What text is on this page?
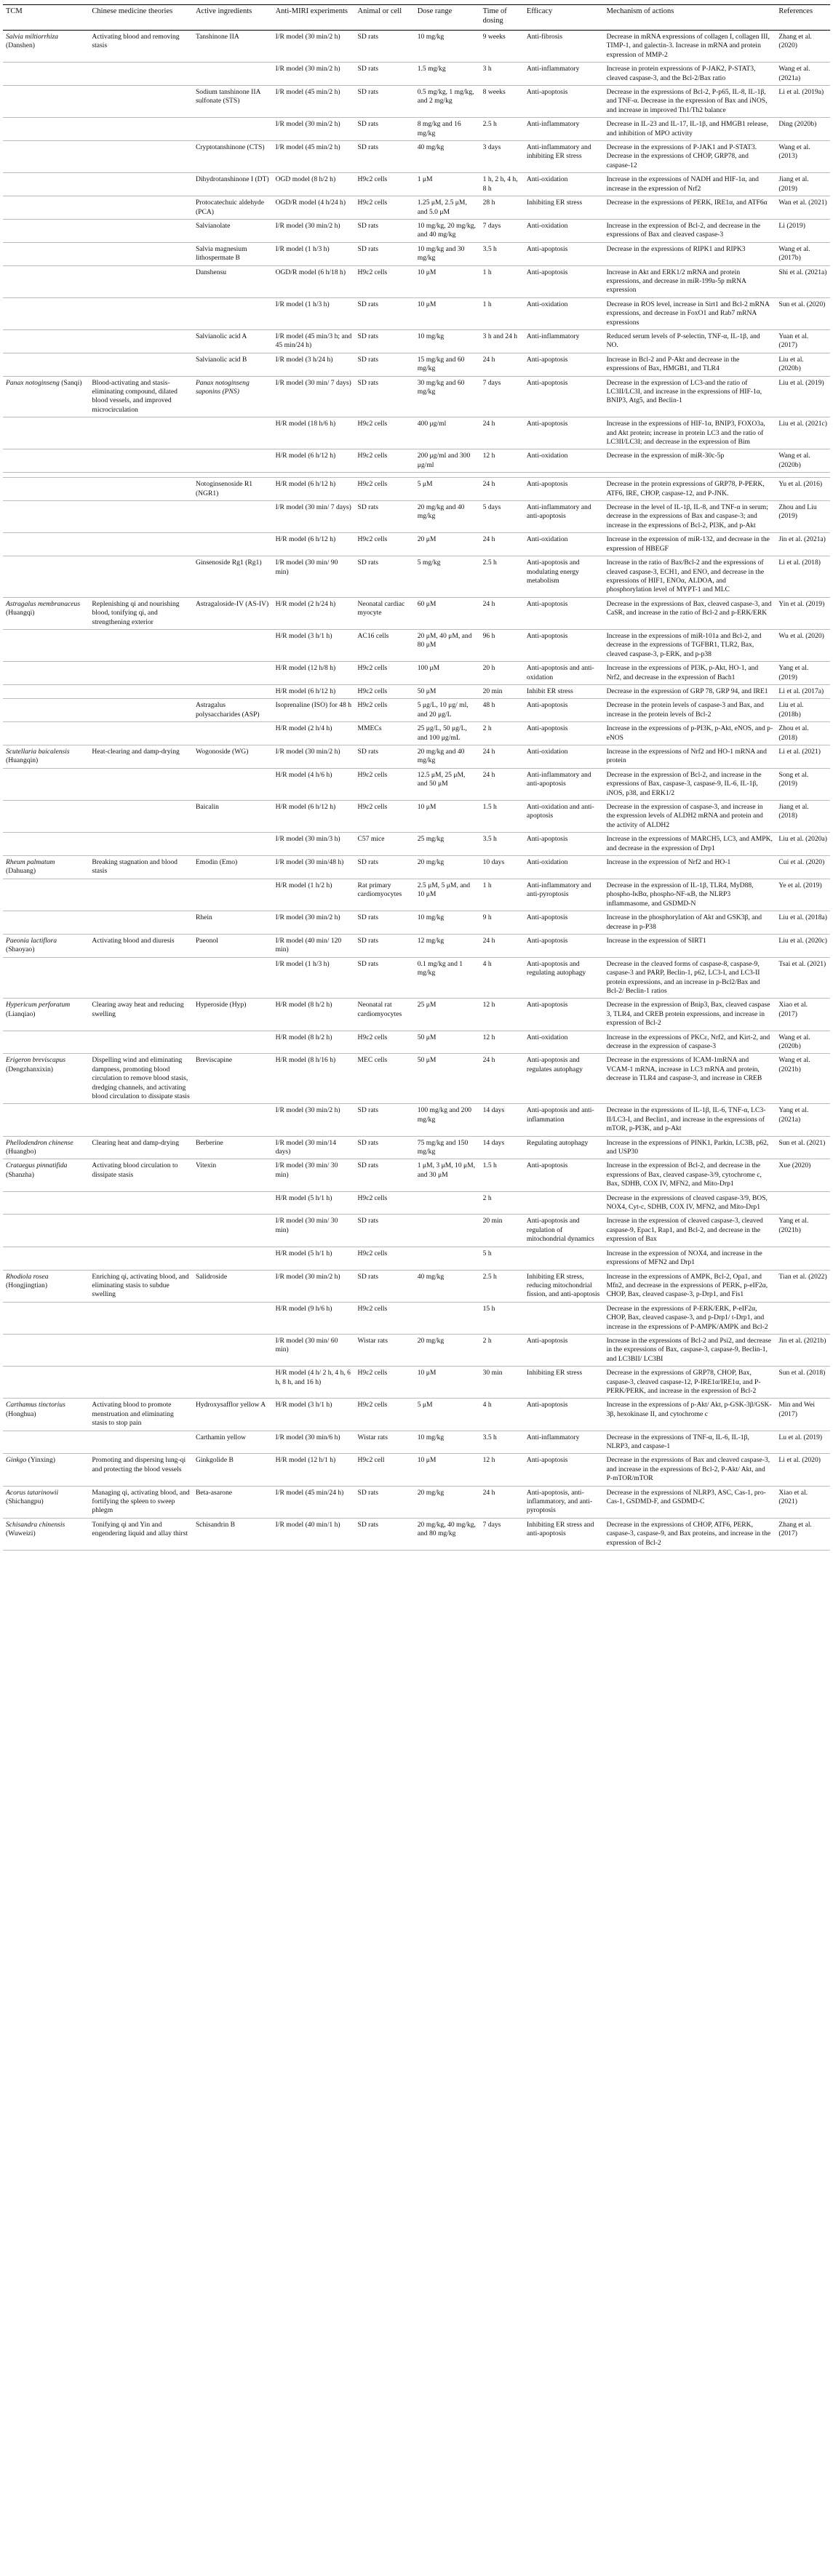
TCM	Chinese medicine theories	Active ingredients	Anti-MIRI experiments	Animal or cell	Dose range	Time of dosing	Efficacy	Mechanism of actions	References
Salvia miltiorrhiza (Danshen)	Activating blood and removing stasis	Tanshinone IIA	I/R model (30 min/2 h)	SD rats	10 mg/kg	9 weeks	Anti-fibrosis	Decrease in mRNA expressions of collagen I, collagen III, TIMP-1, and galectin-3. Increase in mRNA and protein expression of MMP-2	Zhang et al. (2020)
			I/R model (30 min/2 h)	SD rats	1.5 mg/kg	3 h	Anti-inflammatory	Increase in protein expressions of P-JAK2, P-STAT3, cleaved caspase-3, and the Bcl-2/Bax ratio	Wang et al. (2021a)
		Sodium tanshinone IIA sulfonate (STS)	I/R model (45 min/2 h)	SD rats	0.5 mg/kg, 1 mg/kg, and 2 mg/kg	8 weeks	Anti-apoptosis	Decrease in the expressions of Bcl-2, P-p65, IL-8, IL-1β, and TNF-α. Decrease in the expression of Bax and iNOS, and increase in improved Th1/Th2 balance	Li et al. (2019a)
			I/R model (30 min/2 h)	SD rats	8 mg/kg and 16 mg/kg	2.5 h	Anti-inflammatory	Decrease in IL-23 and IL-17, IL-1β, and HMGB1 release, and inhibition of MPO activity	Ding (2020b)
		Cryptotanshinone (CTS)	I/R model (45 min/2 h)	SD rats	40 mg/kg	3 days	Anti-inflammatory and inhibiting ER stress	Decrease in the expressions of P-JAK1 and P-STAT3. Decrease in the expressions of CHOP, GRP78, and caspase-12	Wang et al. (2013)
		Dihydrotanshinone I (DT)	OGD model (8 h/2 h)	H9c2 cells	1 μM	1 h, 2 h, 4 h, 8 h	Anti-oxidation	Increase in the expressions of NADH and HIF-1α, and increase in the expression of Nrf2	Jiang et al. (2019)
		Protocatechuic aldehyde (PCA)	OGD/R model (4 h/24 h)	H9c2 cells	1.25 μM, 2.5 μM, and 5.0 μM	28 h	Inhibiting ER stress	Decrease in the expressions of PERK, IRE1α, and ATF6α	Wan et al. (2021)
		Salvianolate	I/R model (30 min/2 h)	SD rats	10 mg/kg, 20 mg/kg, and 40 mg/kg	7 days	Anti-oxidation	Increase in the expression of Bcl-2, and decrease in the expressions of Bax and cleaved caspase-3	Li (2019)
		Salvia magnesium lithospermate B	I/R model (1 h/3 h)	SD rats	10 mg/kg and 30 mg/kg	3.5 h	Anti-apoptosis	Decrease in the expressions of RIPK1 and RIPK3	Wang et al. (2017b)
		Danshensu	OGD/R model (6 h/18 h)	H9c2 cells	10 μM	1 h	Anti-apoptosis	Increase in Akt and ERK1/2 mRNA and protein expressions, and decrease in miR-199a-5p mRNA expression	Shi et al. (2021a)
			I/R model (1 h/3 h)	SD rats	10 μM	1 h	Anti-oxidation	Decrease in ROS level, increase in Sirt1 and Bcl-2 mRNA expressions, and decrease in FoxO1 and Rab7 mRNA expressions	Sun et al. (2020)
		Salvianolic acid A	I/R model (45 min/3 h; and 45 min/24 h)	SD rats	10 mg/kg	3 h and 24 h	Anti-inflammatory	Reduced serum levels of P-selectin, TNF-α, IL-1β, and NO.	Yuan et al. (2017)
		Salvianolic acid B	I/R model (3 h/24 h)	SD rats	15 mg/kg and 60 mg/kg	24 h	Anti-apoptosis	Increase in Bcl-2 and P-Akt and decrease in the expressions of Bax, HMGB1, and TLR4	Liu et al. (2020b)
Panax notoginseng (Sanqi)	Blood-activating and stasis-eliminating compound, dilated blood vessels, and improved microcirculation	Panax notoginseng saponins (PNS)	I/R model (30 min/ 7 days)	SD rats	30 mg/kg and 60 mg/kg	7 days	Anti-apoptosis	Decrease in the expression of LC3-and the ratio of LC3II/LC3I, and increase in the expressions of HIF-1α, BNIP3, Atg5, and Beclin-1	Liu et al. (2019)
			H/R model (18 h/6 h)	H9c2 cells	400 μg/ml	24 h	Anti-apoptosis	Increase in the expressions of HIF-1α, BNIP3, FOXO3a, and Akt protein; increase in protein LC3 and the ratio of LC3II/LC3I; and decrease in the expression of Bim	Liu et al. (2021c)
			H/R model (6 h/12 h)	H9c2 cells	200 μg/ml and 300 μg/ml	12 h	Anti-oxidation	Decrease in the expression of miR-30c-5p	Wang et al. (2020b)

		Notoginsenoside R1 (NGR1)	H/R model (6 h/12 h)	H9c2 cells	5 μM	24 h	Anti-apoptosis	Decrease in the protein expressions of GRP78, P-PERK, ATF6, IRE, CHOP, caspase-12, and P-JNK.	Yu et al. (2016)
			I/R model (30 min/ 7 days)	SD rats	20 mg/kg and 40 mg/kg	5 days	Anti-inflammatory and anti-apoptosis	Decrease in the level of IL-1β, IL-8, and TNF-α in serum; decrease in the expressions of Bax and caspase-3; and increase in the expressions of Bcl-2, PI3K, and p-Akt	Zhou and Liu (2019)
			H/R model (6 h/12 h)	H9c2 cells	20 μM	24 h	Anti-oxidation	Increase in the expression of miR-132, and decrease in the expression of HBEGF	Jin et al. (2021a)
		Ginsenoside Rg1 (Rg1)	I/R model (30 min/ 90 min)	SD rats	5 mg/kg	2.5 h	Anti-apoptosis and modulating energy metabolism	Increase in the ratio of Bax/Bcl-2 and the expressions of cleaved caspase-3, ECH1, and ENO, and decrease in the expressions of HIF1, ENOα, ALDOA, and phosphorylation level of MYPT-1 and MLC	Li et al. (2018)
Astragalus membranaceus (Huangqi)	Replenishing qi and nourishing blood, tonifying qi, and strengthening exterior	Astragaloside-IV (AS-IV)	H/R model (2 h/24 h)	Neonatal cardiac myocyte	60 μM	24 h	Anti-apoptosis	Decrease in the expressions of Bax, cleaved caspase-3, and CaSR, and increase in the ratio of Bcl-2 and p-ERK/ERK	Yin et al. (2019)
			H/R model (3 h/1 h)	AC16 cells	20 μM, 40 μM, and 80 μM	96 h	Anti-apoptosis	Increase in the expressions of miR-101a and Bcl-2, and decrease in the expressions of TGFBR1, TLR2, Bax, cleaved caspase-3, p-ERK, and p-p38	Wu et al. (2020)
			H/R model (12 h/8 h)	H9c2 cells	100 μM	20 h	Anti-apoptosis and anti-oxidation	Increase in the expressions of PI3K, p-Akt, HO-1, and Nrf2, and decrease in the expression of Bach1	Yang et al. (2019)
			H/R model (6 h/12 h)	H9c2 cells	50 μM	20 min	Inhibit ER stress	Decrease in the expression of GRP 78, GRP 94, and IRE1	Li et al. (2017a)
		Astragalus polysaccharides (ASP)	Isoprenaline (ISO) for 48 h	H9c2 cells	5 μg/L, 10 μg/ ml, and 20 μg/L	48 h	Anti-apoptosis	Decrease in the protein levels of caspase-3 and Bax, and increase in the protein levels of Bcl-2	Liu et al. (2018b)
			H/R model (2 h/4 h)	MMECs	25 μg/L, 50 μg/L, and 100 μg/mL	2 h	Anti-apoptosis	Increase in the expressions of p-PI3K, p-Akt, eNOS, and p-eNOS	Zhou et al. (2018)
Scutellaria baicalensis (Huangqin)	Heat-clearing and damp-drying	Wogonoside (WG)	I/R model (30 min/2 h)	SD rats	20 mg/kg and 40 mg/kg	24 h	Anti-oxidation	Increase in the expressions of Nrf2 and HO-1 mRNA and protein	Li et al. (2021)
			H/R model (4 h/6 h)	H9c2 cells	12.5 μM, 25 μM, and 50 μM	24 h	Anti-inflammatory and anti-apoptosis	Decrease in the expression of Bcl-2, and increase in the expressions of Bax, caspase-3, caspase-9, IL-6, IL-1β, iNOS, p38, and ERK1/2	Song et al. (2019)
		Baicalin	H/R model (6 h/12 h)	H9c2 cells	10 μM	1.5 h	Anti-oxidation and anti-apoptosis	Decrease in the expression of caspase-3, and increase in the expression levels of ALDH2 mRNA and protein and the activity of ALDH2	Jiang et al. (2018)
			I/R model (30 min/3 h)	C57 mice	25 mg/kg	3.5 h	Anti-apoptosis	Increase in the expressions of MARCH5, LC3, and AMPK, and decrease in the expression of Drp1	Liu et al. (2020a)
Rheum palmatum (Dahuang)	Breaking stagnation and blood stasis	Emodin (Emo)	I/R model (30 min/48 h)	SD rats	20 mg/kg	10 days	Anti-oxidation	Increase in the expression of Nrf2 and HO-1	Cui et al. (2020)
			H/R model (1 h/2 h)	Rat primary cardiomyocytes	2.5 μM, 5 μM, and 10 μM	1 h	Anti-inflammatory and anti-pyroptosis	Decrease in the expression of IL-1β, TLR4, MyD88, phospho-IκBα, phospho-NF-κB, the NLRP3 inflammasome, and GSDMD-N	Ye et al. (2019)
		Rhein	I/R model (30 min/2 h)	SD rats	10 mg/kg	9 h	Anti-apoptosis	Increase in the phosphorylation of Akt and GSK3β, and decrease in p-P38	Liu et al. (2018a)
Paeonia lactiflora (Shaoyao)	Activating blood and diuresis	Paeonol	I/R model (40 min/ 120 min)	SD rats	12 mg/kg	24 h	Anti-apoptosis	Increase in the expression of SIRT1	Liu et al. (2020c)
			I/R model (1 h/3 h)	SD rats	0.1 mg/kg and 1 mg/kg	4 h	Anti-apoptosis and regulating autophagy	Decrease in the cleaved forms of caspase-8, caspase-9, caspase-3 and PARP, Beclin-1, p62, LC3-I, and LC3-II protein expressions, and an increase in p-Bcl2/Bax and Bcl-2/ Beclin-1 ratios	Tsai et al. (2021)
Hypericum perforatum (Lianqiao)	Clearing away heat and reducing swelling	Hyperoside (Hyp)	H/R model (8 h/2 h)	Neonatal rat cardiomyocytes	25 μM	12 h	Anti-apoptosis	Decrease in the expression of Bnip3, Bax, cleaved caspase 3, TLR4, and CREB protein expressions, and increase in expression of Bcl-2	Xiao et al. (2017)
			H/R model (8 h/2 h)	H9c2 cells	50 μM	12 h	Anti-oxidation	Increase in the expressions of PKCε, Nrf2, and Kirt-2, and decrease in the expression of caspase-3	Wang et al. (2020b)
Erigeron breviscapus (Dengzhanxixin)	Dispelling wind and eliminating dampness, promoting blood circulation to remove blood stasis, dredging channels, and activating blood circulation to dissipate stasis	Breviscapine	H/R model (8 h/16 h)	MEC cells	50 μM	24 h	Anti-apoptosis and regulates autophagy	Decrease in the expressions of ICAM-1mRNA and VCAM-1 mRNA, increase in LC3 mRNA and protein, decrease in TLR4 and caspase-3, and increase in CREB	Wang et al. (2021b)
			I/R model (30 min/2 h)	SD rats	100 mg/kg and 200 mg/kg	14 days	Anti-apoptosis and anti-inflammation	Decrease in the expressions of IL-1β, IL-6, TNF-α, LC3-II/LC3-I, and Beclin1, and increase in the expressions of mTOR, p-PI3K, and p-Akt	Yang et al. (2021a)
Phellodendron chinense (Huangbo)	Clearing heat and damp-drying	Berberine	I/R model (30 min/14 days)	SD rats	75 mg/kg and 150 mg/kg	14 days	Regulating autophagy	Increase in the expressions of PINK1, Parkin, LC3B, p62, and USP30	Sun et al. (2021)
Crataegus pinnatifida (Shanzha)	Activating blood circulation to dissipate stasis	Vitexin	I/R model (30 min/ 30 min)	SD rats	1 μM, 3 μM, 10 μM, and 30 μM	1.5 h	Anti-apoptosis	Increase in the expression of Bcl-2, and decrease in the expressions of Bax, cleaved caspase-3/9, cytochrome c, Bax, SDHB, COX IV, MFN2, and Mito-Drp1	Xue (2020)
			H/R model (5 h/1 h)	H9c2 cells		2 h		Decrease in the expressions of cleaved caspase-3/9, BOS, NOX4, Cyt-c, SDHB, COX IV, MFN2, and Mito-Drp1	
			I/R model (30 min/ 30 min)	SD rats		20 min	Anti-apoptosis and regulation of mitochondrial dynamics	Increase in the expression of cleaved caspase-3, cleaved caspase-9, Epac1, Rap1, and Bcl-2, and decrease in the expression of Bax	Yang et al. (2021b)
			H/R model (5 h/1 h)	H9c2 cells		5 h		Increase in the expression of NOX4, and increase in the expressions of MFN2 and Drp1	
Rhodiola rosea (Hongjingtian)	Enriching qi, activating blood, and eliminating stasis to subdue swelling	Salidroside	I/R model (30 min/2 h)	SD rats	40 mg/kg	2.5 h	Inhibiting ER stress, reducing mitochondrial fission, and anti-apoptosis	Increase in the expressions of AMPK, Bcl-2, Opa1, and Mfn2, and decrease in the expressions of PERK, p-eIF2α, CHOP, Bax, cleaved caspase-3, p-Drp1, and Fis1	Tian et al. (2022)
			H/R model (9 h/6 h)	H9c2 cells		15 h		Decrease in the expressions of P-ERK/ERK, P-eIF2α, CHOP, Bax, cleaved caspase-3, and p-Drp1/ t-Drp1, and increase in the expressions of P-AMPK/AMPK and Bcl-2	
			I/R model (30 min/ 60 min)	Wistar rats	20 mg/kg	2 h	Anti-apoptosis	Increase in the expressions of Bcl-2 and Psi2, and decrease in the expressions of Bax, caspase-3, caspase-9, Beclin-1, and LC3BII/ LC3BI	Jin et al. (2021b)
			H/R model (4 h/ 2 h, 4 h, 6 h, 8 h, and 16 h)	H9c2 cells	10 μM	30 min	Inhibiting ER stress	Decrease in the expressions of GRP78, CHOP, Bax, caspase-3, cleaved caspase-12, P-IRE1α/IRE1α, and P-PERK/PERK, and increase in the expression of Bcl-2	Sun et al. (2018)
Carthamus tinctorius (Honghua)	Activating blood to promote menstruation and eliminating stasis to stop pain	Hydroxysafflor yellow A	H/R model (3 h/1 h)	H9c2 cells	5 μM	4 h	Anti-apoptosis	Increase in the expressions of p-Akt/ Akt, p-GSK-3β/GSK-3β, hexokinase II, and cytochrome c	Min and Wei (2017)
		Carthamin yellow	I/R model (30 min/6 h)	Wistar rats	10 mg/kg	3.5 h	Anti-inflammatory	Decrease in the expressions of TNF-α, IL-6, IL-1β, NLRP3, and caspase-1	Lu et al. (2019)
Ginkgo (Yinxing)	Promoting and dispersing lung-qi and protecting the blood vessels	Ginkgolide B	H/R model (12 h/1 h)	H9c2 cell	10 μM	12 h	Anti-apoptosis	Decrease in the expressions of Bax and cleaved caspase-3, and increase in the expressions of Bcl-2, P-Akt/ Akt, and P-mTOR/mTOR	Li et al. (2020)
Acorus tatarinowii (Shichangpu)	Managing qi, activating blood, and fortifying the spleen to sweep phlegm	Beta-asarone	I/R model (45 min/24 h)	SD rats	20 mg/kg	24 h	Anti-apoptosis, anti-inflammatory, and anti-pyroptosis	Decrease in the expressions of NLRP3, ASC, Cas-1, pro-Cas-1, GSDMD-F, and GSDMD-C	Xiao et al. (2021)
Schisandra chinensis (Wuweizi)	Tonifying qi and Yin and engendering liquid and allay thirst	Schisandrin B	I/R model (40 min/1 h)	SD rats	20 mg/kg, 40 mg/kg, and 80 mg/kg	7 days	Inhibiting ER stress and anti-apoptosis	Decrease in the expressions of CHOP, ATF6, PERK, caspase-3, caspase-9, and Bax proteins, and increase in the expression of Bcl-2	Zhang et al. (2017)
